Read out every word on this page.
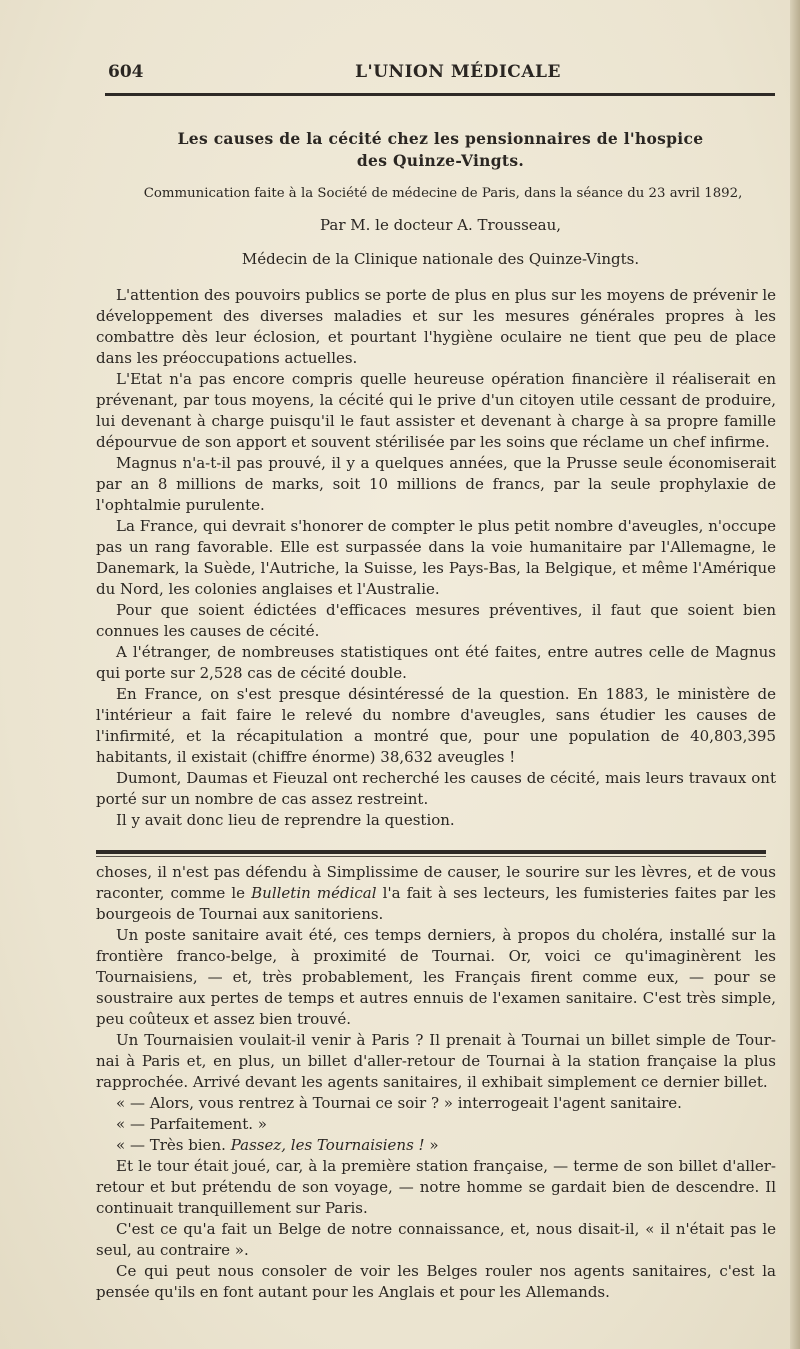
604	L'UNION MÉDICALE
Les causes de la cécité chez les pensionnaires de l'hospice
des Quinze-Vingts.
Communication faite à la Société de médecine de Paris, dans la séance du 23 avril 1892,
Par M. le docteur A. Trousseau,
Médecin de la Clinique nationale des Quinze-Vingts.

L'attention des pouvoirs publics se porte de plus en plus sur les moyens de prévenir le développement des diverses maladies et sur les mesures générales propres à les combattre dès leur éclosion, et pourtant l'hygiène oculaire ne tient que peu de place dans les préoccupations actuelles.

L'Etat n'a pas encore compris quelle heureuse opération financière il réaliserait en prévenant, par tous moyens, la cécité qui le prive d'un citoyen utile cessant de produire, lui devenant à charge puisqu'il le faut assister et devenant à charge à sa propre famille dépourvue de son apport et souvent stérilisée par les soins que réclame un chef infirme.

Magnus n'a-t-il pas prouvé, il y a quelques années, que la Prusse seule économiserait par an 8 millions de marks, soit 10 millions de francs, par la seule prophylaxie de l'ophtalmie purulente.

La France, qui devrait s'honorer de compter le plus petit nombre d'aveugles, n'occupe pas un rang favorable. Elle est surpassée dans la voie humanitaire par l'Allemagne, le Danemark, la Suède, l'Autriche, la Suisse, les Pays-Bas, la Belgique, et même l'Amérique du Nord, les colonies anglaises et l'Australie.

Pour que soient édictées d'efficaces mesures préventives, il faut que soient bien connues les causes de cécité.

A l'étranger, de nombreuses statistiques ont été faites, entre autres celle de Magnus qui porte sur 2,528 cas de cécité double.

En France, on s'est presque désintéressé de la question. En 1883, le ministère de l'intérieur a fait faire le relevé du nombre d'aveugles, sans étudier les causes de l'infirmité, et la récapitulation a montré que, pour une population de 40,803,395 habitants, il existait (chiffre énorme) 38,632 aveugles !

Dumont, Daumas et Fieuzal ont recherché les causes de cécité, mais leurs travaux ont porté sur un nombre de cas assez restreint.

Il y avait donc lieu de reprendre la question.

choses, il n'est pas défendu à Simplissime de causer, le sourire sur les lèvres, et de vous raconter, comme le Bulletin médical l'a fait à ses lecteurs, les fumisteries faites par les bourgeois de Tournai aux sanitoriens.

Un poste sanitaire avait été, ces temps derniers, à propos du choléra, installé sur la frontière franco-belge, à proximité de Tournai. Or, voici ce qu'imaginèrent les Tournaisiens, — et, très probablement, les Français firent comme eux, — pour se soustraire aux pertes de temps et autres ennuis de l'examen sanitaire. C'est très simple, peu coûteux et assez bien trouvé.

Un Tournaisien voulait-il venir à Paris ? Il prenait à Tournai un billet simple de Tour-nai à Paris et, en plus, un billet d'aller-retour de Tournai à la station française la plus rapprochée. Arrivé devant les agents sanitaires, il exhibait simplement ce dernier billet.

« — Alors, vous rentrez à Tournai ce soir ? » interrogeait l'agent sanitaire.

« — Parfaitement. »

« — Très bien. Passez, les Tournaisiens ! »

Et le tour était joué, car, à la première station française, — terme de son billet d'aller-retour et but prétendu de son voyage, — notre homme se gardait bien de descendre. Il continuait tranquillement sur Paris.

C'est ce qu'a fait un Belge de notre connaissance, et, nous disait-il, « il n'était pas le seul, au contraire ».

Ce qui peut nous consoler de voir les Belges rouler nos agents sanitaires, c'est la pensée qu'ils en font autant pour les Anglais et pour les Allemands.
